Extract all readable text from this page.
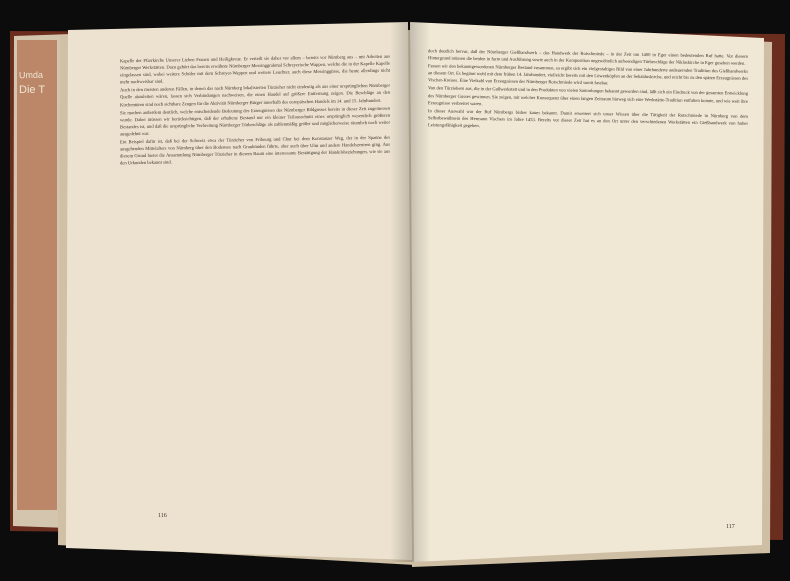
Umda
Die T

Kapelle der Pfarrkirche Unserer Lieben Frauen und Heiligkreuz. Er verteilt sie daher vor allem – bereits vor Nürnberg aus – mit Arbeiten aus Nürnberger Werkstätten. Dazu gehört das bereits erwähnte Nürnberger Messinggrabmal Schreyerische Wappen, welche die in der Kapelle Kapelle eingelassen sind, wobei weitere Schüler mit dem Schreyer-Wappen und weitere Leuchter, auch diese Messinggüsse, die heute allerdings nicht mehr nachweisbar sind.

Auch in den meisten anderen Fällen, in denen das nach Nürnberg lokalisierten Türzieher nicht eindeutig als aus einer ursprünglichen Nürnberger Quelle abzuleiten wären, lassen sich Verbindungen nachweisen, die einen Handel auf größere Entfernung zeigen. Die Beschläge an den Kirchentüren sind noch sichtbare Zeugen für die Aktivität Nürnberger Bürger innerhalb des europäischen Handels im 14. und 15. Jahrhundert.

Sie machen außerdem deutlich, welche entscheidende Bedeutung des Erzeugnisses des Nürnberger Bildgusses bereits in dieser Zeit zugemessen wurde. Dabei müssen wir berücksichtigen, daß der erhaltene Bestand nur ein kleiner Teilausschnitt eines ursprünglich wesentlich größeren Bestandes ist, und daß die ursprüngliche Verbreitung Nürnberger Türbeschläge als zahlenmäßig größer und möglicherweise räumlich noch weiter ausgedehnt war.

Ein Beispiel dafür ist, daß bei der Schweiz etwa der Türzieher von Fribourg und Chur bei dem Konstanzer Weg, der in der Spanne des ausgehenden Mittelalters von Nürnberg über den Bodensee nach Graubünden führte, aber auch über Ulm und andere Handelszentren ging. Aus diesem Grund bietet die Ansammlung Nürnberger Türzieher in diesem Raum eine interessante Bestätigung der Handelsbeziehungen, wie sie aus den Urkunden bekannt sind.

116

doch deutlich hervor, daß der Nürnberger Gießhandwerk – das Handwerk der Rotschmiede – in der Zeit um 1400 in Eger einen bedeutenden Ruf hatte. Vor diesem Hintergrund müssen die beiden in form und Ausführung sowie auch in der Komposition ungewöhnlich aufwendigen Türbeschläge der Niklaskirche in Eger gesehen werden.

Fassen wir den bekanntgewordenen Nürnberger Bestand zusammen, so ergibt sich ein vielgestaltiges Bild von einer Jahrhunderte andauernden Tradition des Gießhandwerks an diesem Ort. Es beginnt wohl mit dem frühen 14. Jahrhundert, vielleicht bereits mit den Löwenköpfen an der Sebalduskirche, und reicht bis zu den späten Erzeugnissen des Vischer-Kreises. Eine Vielzahl von Erzeugnissen der Nürnberger Rotschmiede wird somit fassbar.

Von den Türziehern aus, die in der Gußwerkstatt und in den Produkten von vielen Sammlungen bekannt geworden sind, läßt sich ein Eindruck von der gesamten Entwicklung des Nürnberger Gusses gewinnen. Sie zeigen, mit welcher Konsequenz über einen langen Zeitraum hinweg sich eine Werkstätte-Tradition entfalten konnte, und wie weit ihre Erzeugnisse verbreitet waren.

In dieser Auswahl war der Ruf Nürnbergs bisher kaum bekannt. Damit erweitert sich unser Wissen über die Tätigkeit der Rotschmiede in Nürnberg von dem Selbstbewußtsein des Hermann Vischers im Jahre 1453. Bereits vor dieser Zeit hat es an den Ort unter den verschiedenen Werkstätten ein Gießhandwerk von hoher Leistungsfähigkeit gegeben.

117
